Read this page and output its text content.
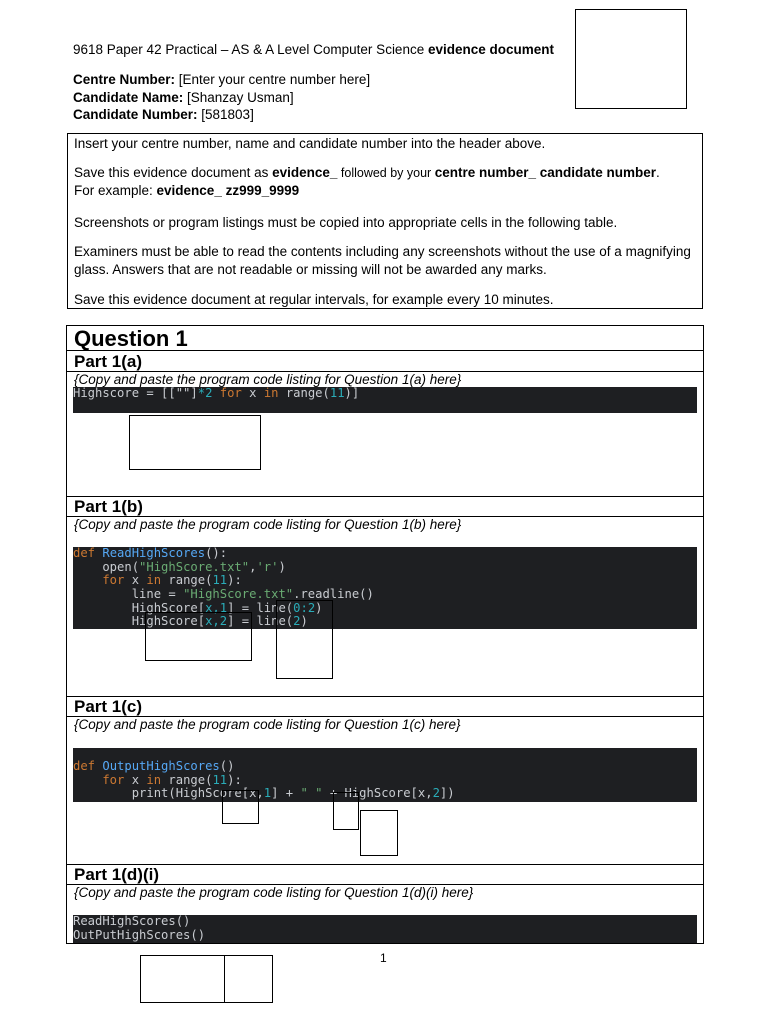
9618 Paper 42 Practical – AS & A Level Computer Science evidence document
Centre Number: [Enter your centre number here]
Candidate Name: [Shanzay Usman]
Candidate Number: [581803]

Insert your centre number, name and candidate number into the header above.

Save this evidence document as evidence_ followed by your centre number_ candidate number.
For example: evidence_ zz999_9999

Screenshots or program listings must be copied into appropriate cells in the following table.

Examiners must be able to read the contents including any screenshots without the use of a magnifying glass. Answers that are not readable or missing will not be awarded any marks.

Save this evidence document at regular intervals, for example every 10 minutes.

Question 1
Part 1(a)
{Copy and paste the program code listing for Question 1(a) here}
Highscore = [[""]*2 for x in range(11)]
Part 1(b)
{Copy and paste the program code listing for Question 1(b) here}
def ReadHighScores():
open("HighScore.txt",'r')
for x in range(11):
line = "HighScore.txt".readline()
HighScore[x,1] = line(0:2)
HighScore[x,2] = line(2)
Part 1(c)
{Copy and paste the program code listing for Question 1(c) here}
def OutputHighScores()
for x in range(11):
print(HighScore[x,1] + " " + HighScore[x,2])
Part 1(d)(i)
{Copy and paste the program code listing for Question 1(d)(i) here}
ReadHighScores()
OutPutHighScores()
1
